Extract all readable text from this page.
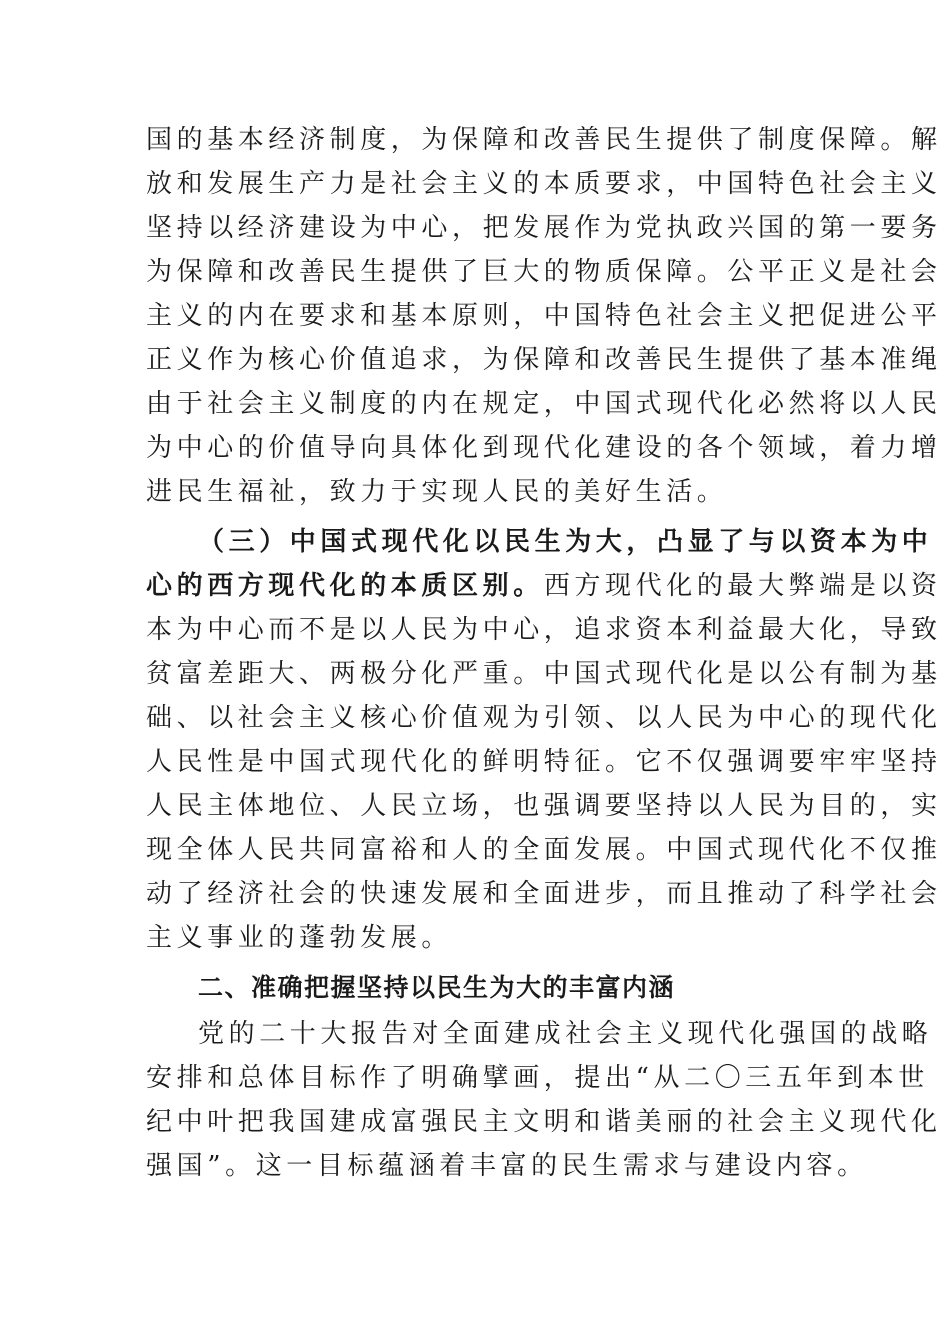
国的基本经济制度，为保障和改善民生提供了制度保障。解
放和发展生产力是社会主义的本质要求，中国特色社会主义
坚持以经济建设为中心，把发展作为党执政兴国的第一要务
为保障和改善民生提供了巨大的物质保障。公平正义是社会
主义的内在要求和基本原则，中国特色社会主义把促进公平
正义作为核心价值追求，为保障和改善民生提供了基本准绳
由于社会主义制度的内在规定，中国式现代化必然将以人民
为中心的价值导向具体化到现代化建设的各个领域，着力增
进民生福祉，致力于实现人民的美好生活。
（三）中国式现代化以民生为大，凸显了与以资本为中
心的西方现代化的本质区别。西方现代化的最大弊端是以资
本为中心而不是以人民为中心，追求资本利益最大化，导致
贫富差距大、两极分化严重。中国式现代化是以公有制为基
础、以社会主义核心价值观为引领、以人民为中心的现代化
人民性是中国式现代化的鲜明特征。它不仅强调要牢牢坚持
人民主体地位、人民立场，也强调要坚持以人民为目的，实
现全体人民共同富裕和人的全面发展。中国式现代化不仅推
动了经济社会的快速发展和全面进步，而且推动了科学社会
主义事业的蓬勃发展。
二、准确把握坚持以民生为大的丰富内涵
党的二十大报告对全面建成社会主义现代化强国的战略
安排和总体目标作了明确擘画，提出“从二〇三五年到本世
纪中叶把我国建成富强民主文明和谐美丽的社会主义现代化
强国”。这一目标蕴涵着丰富的民生需求与建设内容。
